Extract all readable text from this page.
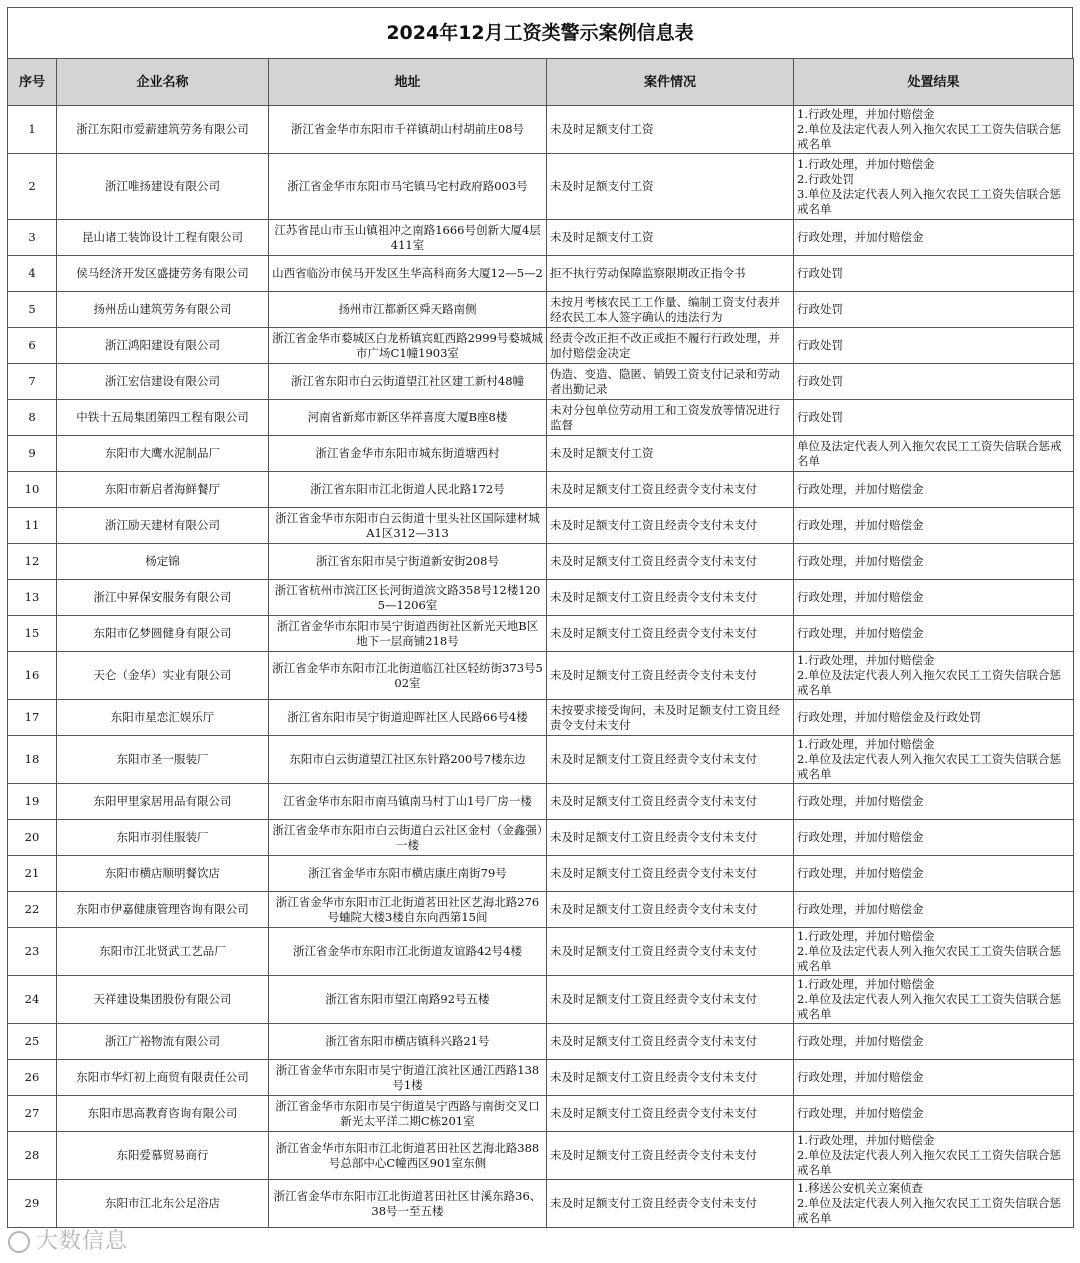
2024年12月工资类警示案例信息表
序号	企业名称	地址	案件情况	处置结果
1	浙江东阳市爱薪建筑劳务有限公司	浙江省金华市东阳市千祥镇胡山村胡前庄08号	未及时足额支付工资	1.行政处理，并加付赔偿金
2.单位及法定代表人列入拖欠农民工工资失信联合惩戒名单
2	浙江唯扬建设有限公司	浙江省金华市东阳市马宅镇马宅村政府路003号	未及时足额支付工资	1.行政处理，并加付赔偿金
2.行政处罚
3.单位及法定代表人列入拖欠农民工工资失信联合惩戒名单
3	昆山诸工装饰设计工程有限公司	江苏省昆山市玉山镇祖冲之南路1666号创新大厦4层411室	未及时足额支付工资	行政处理，并加付赔偿金
4	侯马经济开发区盛捷劳务有限公司	山西省临汾市侯马开发区生华高科商务大厦12—5—2	拒不执行劳动保障监察限期改正指令书	行政处罚
5	扬州岳山建筑劳务有限公司	扬州市江都新区舜天路南侧	未按月考核农民工工作量、编制工资支付表并经农民工本人签字确认的违法行为	行政处罚
6	浙江鸿阳建设有限公司	浙江省金华市婺城区白龙桥镇宾虹西路2999号婺城城市广场C1幢1903室	经责令改正拒不改正或拒不履行行政处理，并加付赔偿金决定	行政处罚
7	浙江宏信建设有限公司	浙江省东阳市白云街道望江社区建工新村48幢	伪造、变造、隐匿、销毁工资支付记录和劳动者出勤记录	行政处罚
8	中铁十五局集团第四工程有限公司	河南省新郑市新区华祥喜度大厦B座8楼	未对分包单位劳动用工和工资发放等情况进行监督	行政处罚
9	东阳市大鹰水泥制品厂	浙江省金华市东阳市城东街道塘西村	未及时足额支付工资	单位及法定代表人列入拖欠农民工工资失信联合惩戒名单
10	东阳市新启者海鲜餐厅	浙江省东阳市江北街道人民北路172号	未及时足额支付工资且经责令支付未支付	行政处理，并加付赔偿金
11	浙江励天建材有限公司	浙江省金华市东阳市白云街道十里头社区国际建材城A1区312—313	未及时足额支付工资且经责令支付未支付	行政处理，并加付赔偿金
12	杨定锦	浙江省东阳市吴宁街道新安街208号	未及时足额支付工资且经责令支付未支付	行政处理，并加付赔偿金
13	浙江中昇保安服务有限公司	浙江省杭州市滨江区长河街道滨文路358号12楼1205—1206室	未及时足额支付工资且经责令支付未支付	行政处理，并加付赔偿金
15	东阳市亿梦圆健身有限公司	浙江省金华市东阳市吴宁街道西街社区新光天地B区地下一层商铺218号	未及时足额支付工资且经责令支付未支付	行政处理，并加付赔偿金
16	天仑（金华）实业有限公司	浙江省金华市东阳市江北街道临江社区轻纺街373号502室	未及时足额支付工资且经责令支付未支付	1.行政处理，并加付赔偿金
2.单位及法定代表人列入拖欠农民工工资失信联合惩戒名单
17	东阳市星恋汇娱乐厅	浙江省东阳市吴宁街道迎晖社区人民路66号4楼	未按要求接受询问，未及时足额支付工资且经责令支付未支付	行政处理，并加付赔偿金及行政处罚
18	东阳市圣一服装厂	东阳市白云街道望江社区东针路200号7楼东边	未及时足额支付工资且经责令支付未支付	1.行政处理，并加付赔偿金
2.单位及法定代表人列入拖欠农民工工资失信联合惩戒名单
19	东阳甲里家居用品有限公司	江省金华市东阳市南马镇南马村丁山1号厂房一楼	未及时足额支付工资且经责令支付未支付	行政处理，并加付赔偿金
20	东阳市羽佳服装厂	浙江省金华市东阳市白云街道白云社区金村（金鑫强）一楼	未及时足额支付工资且经责令支付未支付	行政处理，并加付赔偿金
21	东阳市横店顺明餐饮店	浙江省金华市东阳市横店康庄南街79号	未及时足额支付工资且经责令支付未支付	行政处理，并加付赔偿金
22	东阳市伊嘉健康管理咨询有限公司	浙江省金华市东阳市江北街道茗田社区艺海北路276号蛐院大楼3楼自东向西第15间	未及时足额支付工资且经责令支付未支付	行政处理，并加付赔偿金
23	东阳市江北贤武工艺品厂	浙江省金华市东阳市江北街道友谊路42号4楼	未及时足额支付工资且经责令支付未支付	1.行政处理，并加付赔偿金
2.单位及法定代表人列入拖欠农民工工资失信联合惩戒名单
24	天祥建设集团股份有限公司	浙江省东阳市望江南路92号五楼	未及时足额支付工资且经责令支付未支付	1.行政处理，并加付赔偿金
2.单位及法定代表人列入拖欠农民工工资失信联合惩戒名单
25	浙江广裕物流有限公司	浙江省东阳市横店镇科兴路21号	未及时足额支付工资且经责令支付未支付	行政处理，并加付赔偿金
26	东阳市华灯初上商贸有限责任公司	浙江省金华市东阳市吴宁街道江滨社区通江西路138号1楼	未及时足额支付工资且经责令支付未支付	行政处理，并加付赔偿金
27	东阳市思高教育咨询有限公司	浙江省金华市东阳市吴宁街道吴宁西路与南街交叉口新光太平洋二期C栋201室	未及时足额支付工资且经责令支付未支付	行政处理，并加付赔偿金
28	东阳爱慕贸易商行	浙江省金华市东阳市江北街道茗田社区艺海北路388号总部中心C幢西区901室东侧	未及时足额支付工资且经责令支付未支付	1.行政处理，并加付赔偿金
2.单位及法定代表人列入拖欠农民工工资失信联合惩戒名单
29	东阳市江北东公足浴店	浙江省金华市东阳市江北街道茗田社区甘溪东路36、38号一至五楼	未及时足额支付工资且经责令支付未支付	1.移送公安机关立案侦查
2.单位及法定代表人列入拖欠农民工工资失信联合惩戒名单
大数信息
